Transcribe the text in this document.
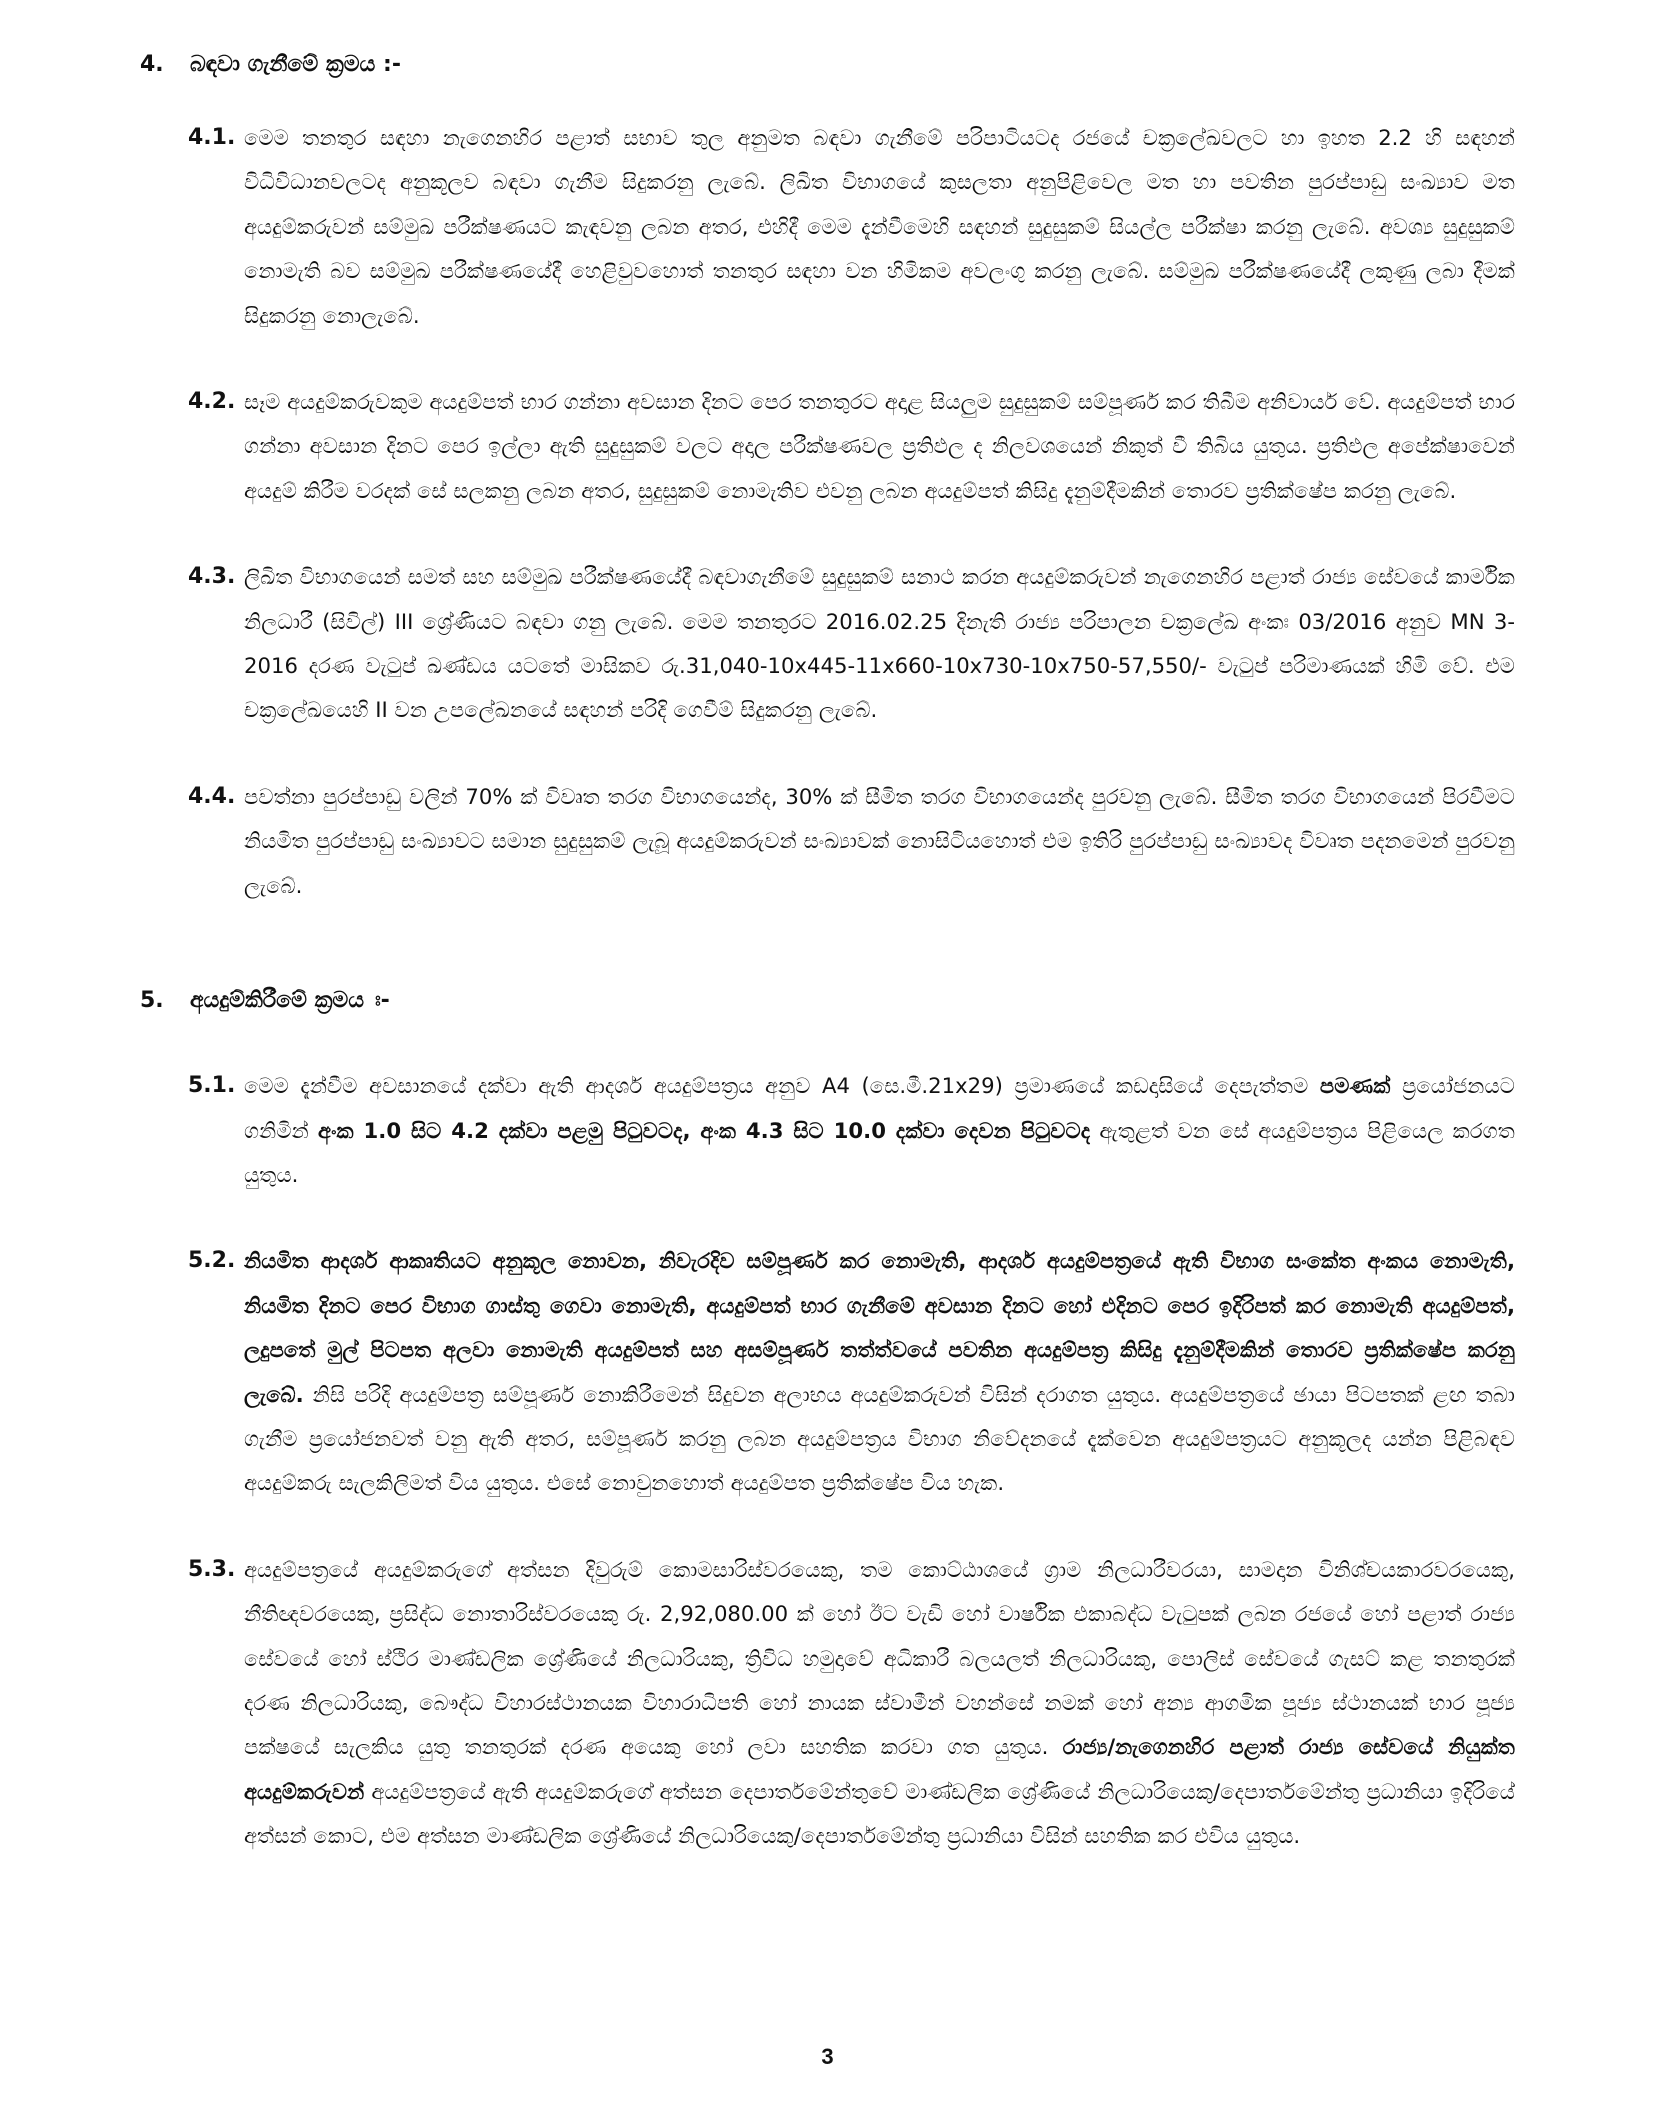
4. බඳවා ගැනීමේ ක්‍රමය :-
4.1. මෙම තනතුර සඳහා නැගෙනහිර පළාත් සභාව තුල අනුමත බඳවා ගැනීමේ පරිපාටියටද රජයේ චක්‍රලේඛවලට හා ඉහත 2.2 හි සඳහන් විධිවිධානවලටද අනුකූලව බඳවා ගැනීම සිදුකරනු ලැබේ. ලිඛිත විභාගයේ කුසලතා අනුපිළිවෙල මත හා පවතින පුරප්පාඩු සංඛ්‍යාව මත අයදුම්කරුවන් සම්මුඛ පරීක්ෂණයට කැඳවනු ලබන අතර, එහිදී මෙම දැන්වීමෙහි සඳහන් සුදුසුකම් සියල්ල පරීක්ෂා කරනු ලැබේ. අවශ්‍ය සුදුසුකම් නොමැති බව සම්මුඛ පරීක්ෂණයේදී හෙළිවුවහොත් තනතුර සඳහා වන හිමිකම අවලංගු කරනු ලැබේ. සම්මුඛ පරීක්ෂණයේදී ලකුණු ලබා දීමක් සිදුකරනු නොලැබේ.
4.2. සෑම අයදුම්කරුවකුම අයදුම්පත් භාර ගන්නා අවසාන දිනට පෙර තනතුරට අදාළ සියලුම සුදුසුකම් සම්පූර්ණ කර තිබීම අනිවාර්ය වේ. අයදුම්පත් භාර ගන්නා අවසාන දිනට පෙර ඉල්ලා ඇති සුදුසුකම් වලට අදාල පරීක්ෂණවල ප්‍රතිඵල ද නිලවශයෙන් නිකුත් වී තිබිය යුතුය. ප්‍රතිඵල අපේක්ෂාවෙන් අයදුම් කිරීම වරදක් සේ සලකනු ලබන අතර, සුදුසුකම් නොමැතිව එවනු ලබන අයදුම්පත් කිසිදු දැනුම්දීමකින් තොරව ප්‍රතික්ෂේප කරනු ලැබේ.
4.3. ලිඛිත විභාගයෙන් සමත් සහ සම්මුඛ පරීක්ෂණයේදී බඳවාගැනීමේ සුදුසුකම් සනාථ කරන අයදුම්කරුවන් නැගෙනහිර පළාත් රාජ්‍ය සේවයේ කාර්මික නිලධාරී (සිවිල්) III ශ්‍රේණියට බඳවා ගනු ලැබේ. මෙම තනතුරට 2016.02.25 දිනැති රාජ්‍ය පරිපාලන චක්‍රලේඛ අංකඃ 03/2016 අනුව MN 3-2016 දරණ වැටුප් ඛණ්ඩය යටතේ මාසිකව රු.31,040-10x445-11x660-10x730-10x750-57,550/- වැටුප් පරිමාණයක් හිමි වේ. එම චක්‍රලේඛයෙහි II වන උපලේඛනයේ සඳහන් පරිදි ගෙවීම් සිදුකරනු ලැබේ.
4.4. පවත්නා පුරප්පාඩු වලින් 70% ක් විවෘත තරග විභාගයෙන්ද, 30% ක් සීමිත තරග විභාගයෙන්ද පුරවනු ලැබේ. සීමිත තරග විභාගයෙන් පිරවීමට නියමිත පුරප්පාඩු සංඛ්‍යාවට සමාන සුදුසුකම් ලැබූ අයදුම්කරුවන් සංඛ්‍යාවක් නොසිටියහොත් එම ඉතිරි පුරප්පාඩු සංඛ්‍යාවද විවෘත පදනමෙන් පුරවනු ලැබේ.
5. අයදුම්කිරීමේ ක්‍රමය ඃ-
5.1. මෙම දැන්වීම අවසානයේ දක්වා ඇති ආදර්ශ අයදුම්පත්‍රය අනුව A4 (සෙ.මී.21x29) ප්‍රමාණයේ කඩදාසියේ දෙපැත්තම පමණක් ප්‍රයෝජනයට ගනිමින් අංක 1.0 සිට 4.2 දක්වා පළමු පිටුවටද, අංක 4.3 සිට 10.0 දක්වා දෙවන පිටුවටද ඇතුළත් වන සේ අයදුම්පත්‍රය පිළියෙල කරගත යුතුය.
5.2. නියමිත ආදර්ශ ආකෘතියට අනුකූල නොවන, නිවැරදිව සම්පූර්ණ කර නොමැති, ආදර්ශ අයදුම්පත්‍රයේ ඇති විභාග සංකේත අංකය නොමැති, නියමිත දිනට පෙර විභාග ගාස්තු ගෙවා නොමැති, අයදුම්පත් භාර ගැනීමේ අවසාන දිනට හෝ එදිනට පෙර ඉදිරිපත් කර නොමැති අයදුම්පත්, ලදුපතේ මුල් පිටපත අලවා නොමැති අයදුම්පත් සහ අසම්පූර්ණ තත්ත්වයේ පවතින අයදුම්පත්‍ර කිසිදු දැනුම්දීමකින් තොරව ප්‍රතික්ෂේප කරනු ලැබේ. නිසි පරිදි අයදුම්පත්‍ර සම්පූර්ණ නොකිරීමෙන් සිදුවන අලාභය අයදුම්කරුවන් විසින් දරාගත යුතුය. අයදුම්පත්‍රයේ ඡායා පිටපතක් ළඟ තබා ගැනීම ප්‍රයෝජනවත් වනු ඇති අතර, සම්පූර්ණ කරනු ලබන අයදුම්පත්‍රය විභාග නිවේදනයේ දැක්වෙන අයදුම්පත්‍රයට අනුකූලද යන්න පිළිබඳව අයදුම්කරු සැලකිලිමත් විය යුතුය. එසේ නොවුනහොත් අයදුම්පත ප්‍රතික්ෂේප විය හැක.
5.3. අයදුම්පත්‍රයේ අයදුම්කරුගේ අත්සන දිවුරුම් කොමසාරිස්වරයෙකු, තම කොට්ඨාශයේ ග්‍රාම නිලධාරීවරයා, සාමදාන විනිශ්චයකාරවරයෙකු, නීතිඥවරයෙකු, ප්‍රසිද්ධ නොතාරිස්වරයෙකු රු. 2,92,080.00 ක් හෝ ඊට වැඩි හෝ වාර්ෂික එකාබද්ධ වැටුපක් ලබන රජයේ හෝ පළාත් රාජ්‍ය සේවයේ හෝ ස්ථිර මාණ්ඩලික ශ්‍රේණියේ නිලධාරියකු, ත්‍රිවිධ හමුදාවේ අධිකාරී බලයලත් නිලධාරියකු, පොලිස් සේවයේ ගැසට් කළ තනතුරක් දරණ නිලධාරියකු, බෞද්ධ විහාරස්ථානයක විහාරාධිපති හෝ නායක ස්වාමීන් වහන්සේ නමක් හෝ අන්‍ය ආගමික පූජ්‍ය ස්ථානයක් භාර පූජ්‍ය පක්ෂයේ සැලකිය යුතු තනතුරක් දරණ අයෙකු හෝ ලවා සහතික කරවා ගත යුතුය. රාජ්‍ය/නැගෙනහිර පළාත් රාජ්‍ය සේවයේ නියුක්ත අයදුම්කරුවන් අයදුම්පත්‍රයේ ඇති අයදුම්කරුගේ අත්සන දෙපාර්තමේන්තුවේ මාණ්ඩලික ශ්‍රේණියේ නිලධාරියෙකු/දෙපාර්තමේන්තු ප්‍රධානියා ඉදිරියේ අත්සන් කොට, එම අත්සන මාණ්ඩලික ශ්‍රේණියේ නිලධාරියෙකු/දෙපාර්තමේන්තු ප්‍රධානියා විසින් සහතික කර එවිය යුතුය.
3
